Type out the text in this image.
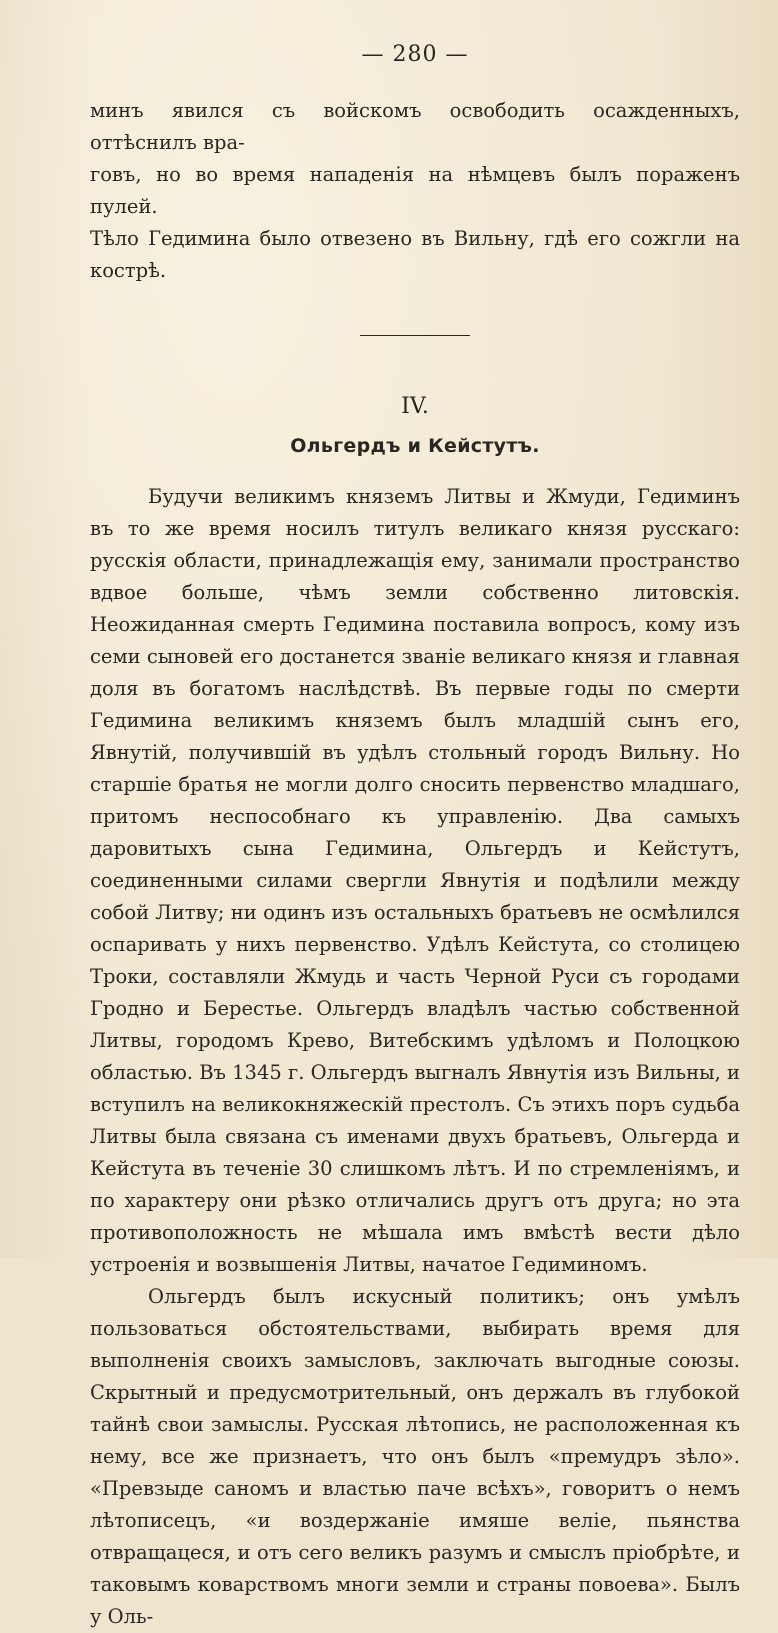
— 280 —

минъ явился съ войскомъ освободить осажденныхъ, оттѣснилъ вра-

говъ, но во время нападенія на нѣмцевъ былъ пораженъ пулей.

Тѣло Гедимина было отвезено въ Вильну, гдѣ его сожгли на кострѣ.

IV.
Ольгердъ и Кейстутъ.

Будучи великимъ княземъ Литвы и Жмуди, Гедиминъ въ то же время носилъ титулъ великаго князя русскаго: русскія области, принадлежащія ему, занимали пространство вдвое больше, чѣмъ земли собственно литовскія. Неожиданная смерть Гедимина поставила вопросъ, кому изъ семи сыновей его достанется званіе великаго князя и главная доля въ богатомъ наслѣдствѣ. Въ первые годы по смерти Гедимина великимъ княземъ былъ младшій сынъ его, Явнутій, получившій въ удѣлъ стольный городъ Вильну. Но старшіе братья не могли долго сносить первенство младшаго, притомъ неспособнаго къ управленію. Два самыхъ даровитыхъ сына Гедимина, Ольгердъ и Кейстутъ, соединенными силами свергли Явнутія и подѣлили между собой Литву; ни одинъ изъ остальныхъ братьевъ не осмѣлился оспаривать у нихъ первенство. Удѣлъ Кейстута, со столицею Троки, составляли Жмудь и часть Черной Руси съ городами Гродно и Берестье. Ольгердъ владѣлъ частью собственной Литвы, городомъ Крево, Витебскимъ удѣломъ и Полоцкою областью. Въ 1345 г. Ольгердъ выгналъ Явнутія изъ Вильны, и вступилъ на великокняжескій престолъ. Съ этихъ поръ судьба Литвы была связана съ именами двухъ братьевъ, Ольгерда и Кейстута въ теченіе 30 слишкомъ лѣтъ. И по стремленіямъ, и по характеру они рѣзко отличались другъ отъ друга; но эта противоположность не мѣшала имъ вмѣстѣ вести дѣло устроенія и возвышенія Литвы, начатое Гедиминомъ.

Ольгердъ былъ искусный политикъ; онъ умѣлъ пользоваться обстоятельствами, выбирать время для выполненія своихъ замысловъ, заключать выгодные союзы. Скрытный и предусмотрительный, онъ держалъ въ глубокой тайнѣ свои замыслы. Русская лѣтопись, не расположенная къ нему, все же признаетъ, что онъ былъ «премудръ зѣло». «Превзыде саномъ и властью паче всѣхъ», говоритъ о немъ лѣтописецъ, «и воздержаніе имяше веліе, пьянства отвращацеся, и отъ сего великъ разумъ и смыслъ пріобрѣте, и таковымъ коварствомъ многи земли и страны повоева». Былъ у Оль-
